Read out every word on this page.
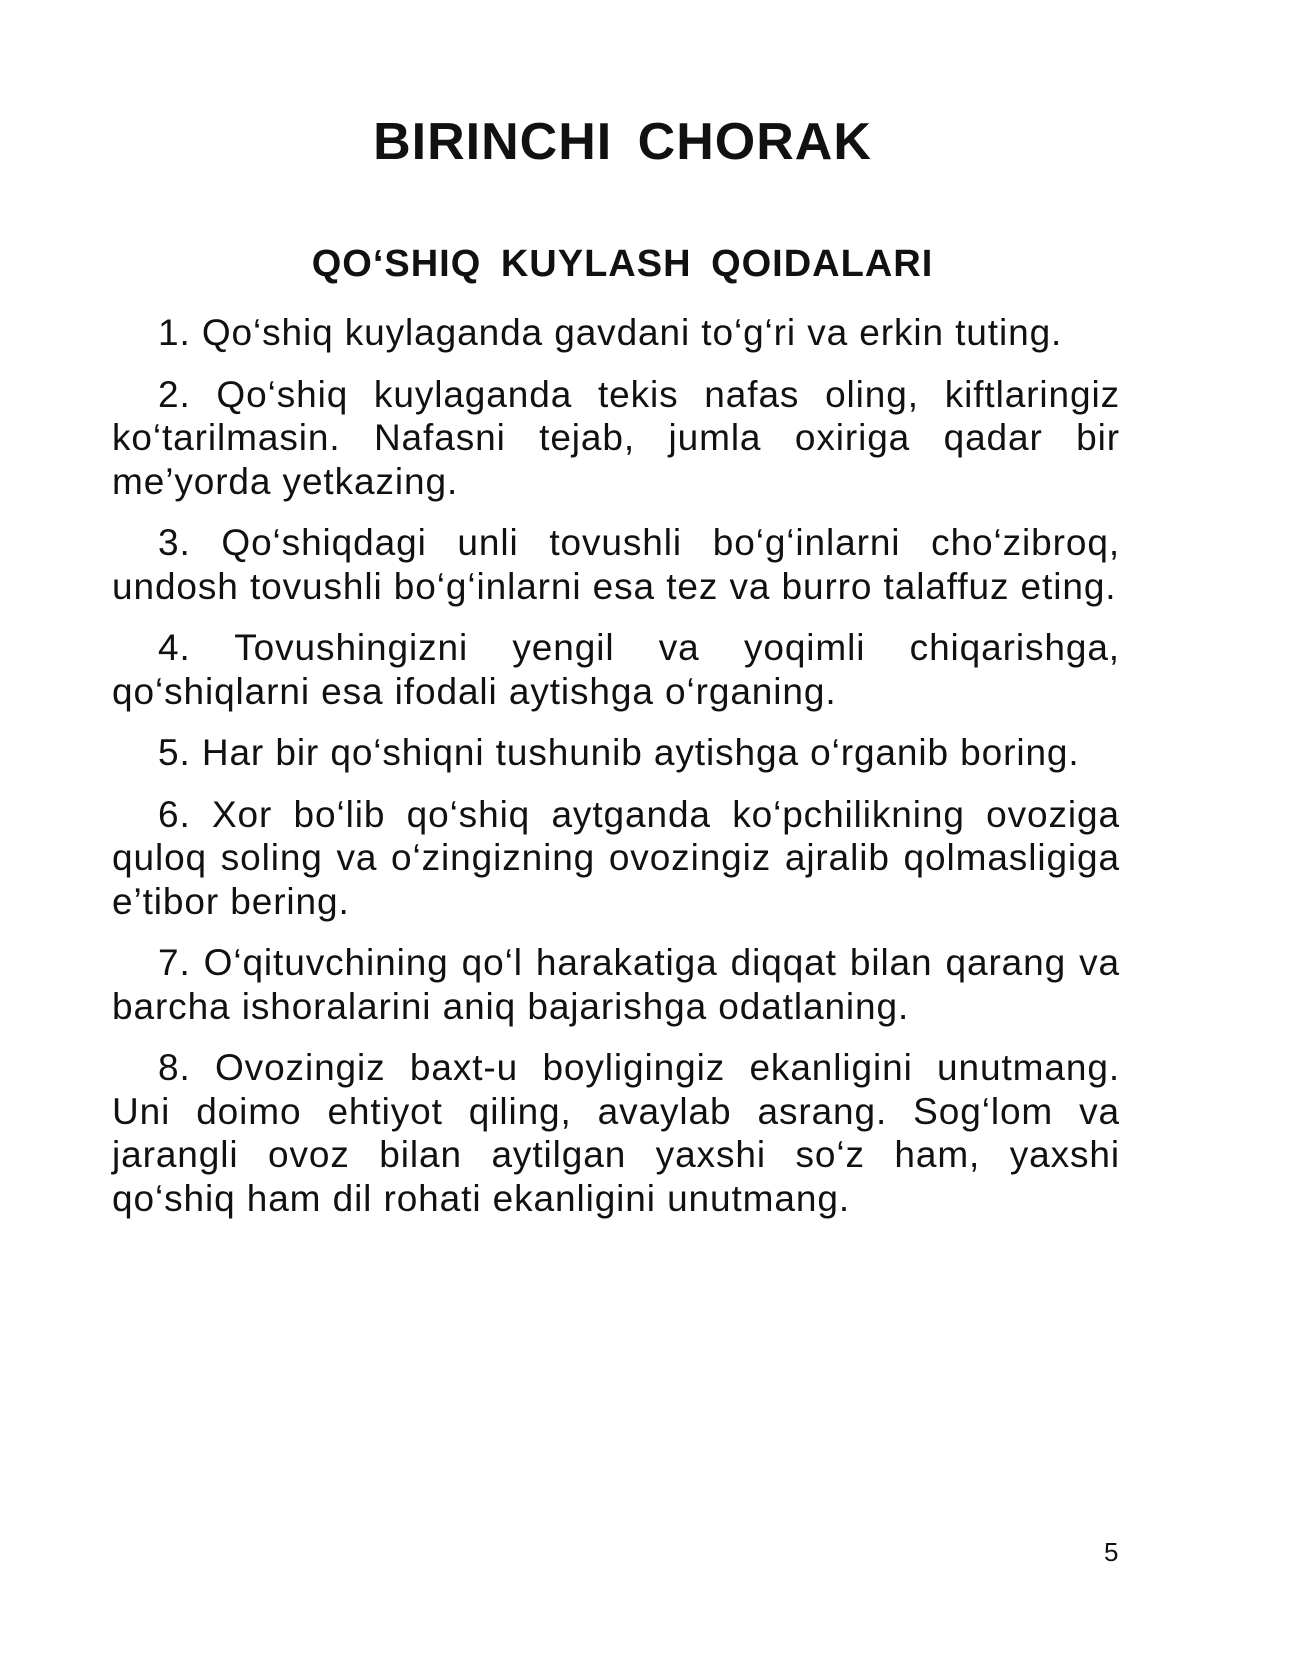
BIRINCHI CHORAK
QO‘SHIQ KUYLASH QOIDALARI
1. Qo‘shiq kuylaganda gavdani to‘g‘ri va erkin tuting.
2. Qo‘shiq kuylaganda tekis nafas oling, kiftlaringiz ko‘tarilmasin. Nafasni tejab, jumla oxiriga qadar bir me’yorda yetkazing.
3. Qo‘shiqdagi unli tovushli bo‘g‘inlarni cho‘zibroq, undosh tovushli bo‘g‘inlarni esa tez va burro talaffuz eting.
4. Tovushingizni yengil va yoqimli chiqarishga, qo‘shiqlarni esa ifodali aytishga o‘rganing.
5. Har bir qo‘shiqni tushunib aytishga o‘rganib boring.
6. Xor bo‘lib qo‘shiq aytganda ko‘pchilikning ovoziga quloq soling va o‘zingizning ovozingiz ajralib qolmasligiga e’tibor bering.
7. O‘qituvchining qo‘l harakatiga diqqat bilan qarang va barcha ishoralarini aniq bajarishga odatlaning.
8. Ovozingiz baxt-u boyligingiz ekanligini unutmang. Uni doimo ehtiyot qiling, avaylab asrang. Sog‘lom va jarangli ovoz bilan aytilgan yaxshi so‘z ham, yaxshi qo‘shiq ham dil rohati ekanligini unutmang.
5
